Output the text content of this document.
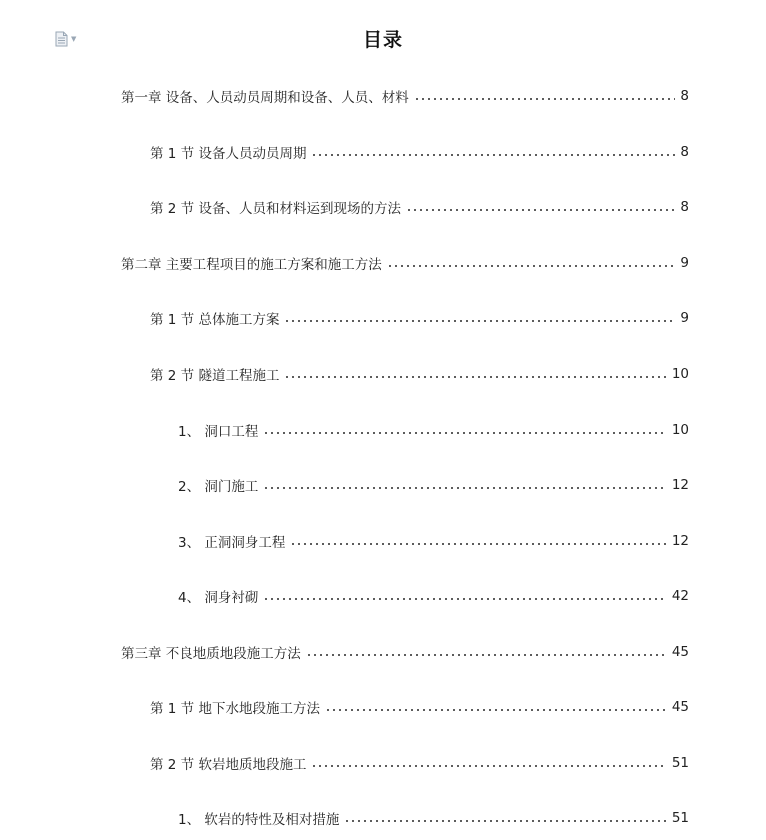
▼	目录
第一章 设备、人员动员周期和设备、人员、材料	8
第 1 节 设备人员动员周期	8
第 2 节 设备、人员和材料运到现场的方法	8
第二章 主要工程项目的施工方案和施工方法	9
第 1 节 总体施工方案	9
第 2 节 隧道工程施工	10
1、 洞口工程	10
2、 洞门施工	12
3、 正洞洞身工程	12
4、 洞身衬砌	42
第三章 不良地质地段施工方法	45
第 1 节 地下水地段施工方法	45
第 2 节 软岩地质地段施工	51
1、 软岩的特性及相对措施	51
